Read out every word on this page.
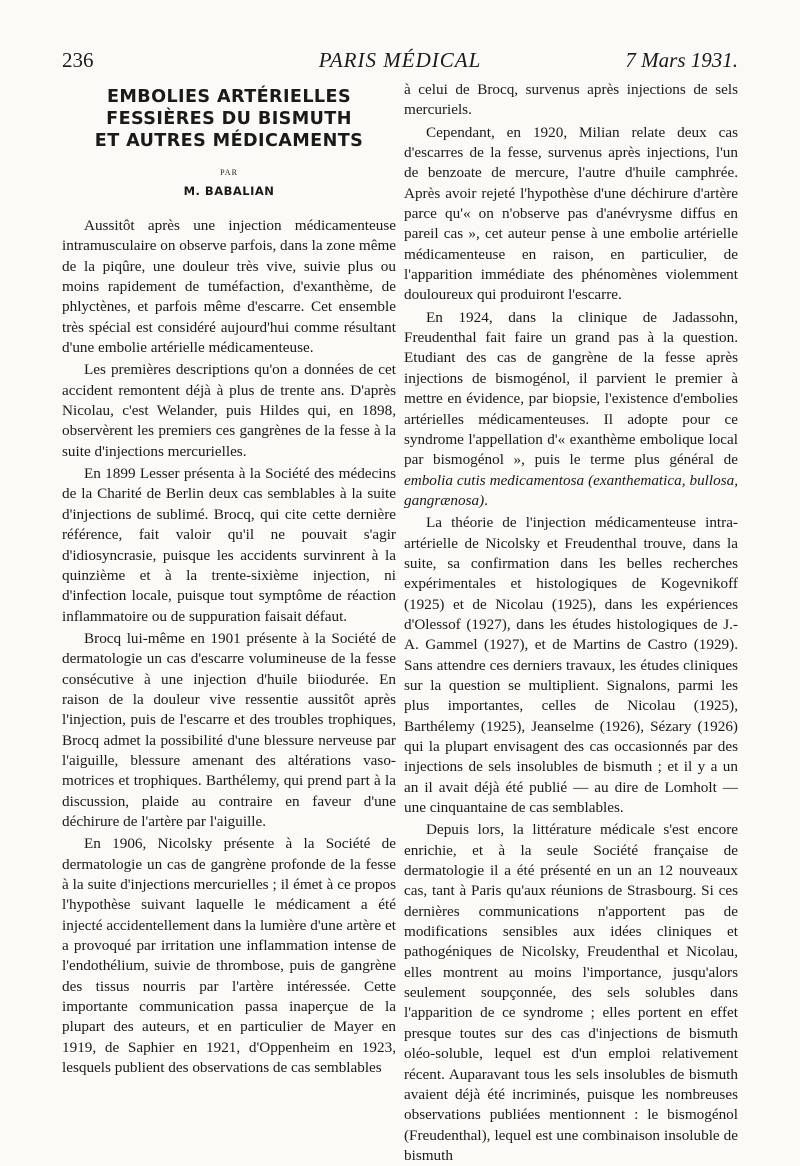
236	PARIS MÉDICAL	7 Mars 1931.
EMBOLIES ARTÉRIELLES
FESSIÈRES DU BISMUTH
ET AUTRES MÉDICAMENTS
PAR
M. BABALIAN

Aussitôt après une injection médicamenteuse intramusculaire on observe parfois, dans la zone même de la piqûre, une douleur très vive, suivie plus ou moins rapidement de tuméfaction, d'exanthème, de phlyctènes, et parfois même d'escarre. Cet ensemble très spécial est considéré aujourd'hui comme résultant d'une embolie artérielle médicamenteuse.

Les premières descriptions qu'on a données de cet accident remontent déjà à plus de trente ans. D'après Nicolau, c'est Welander, puis Hildes qui, en 1898, observèrent les premiers ces gangrènes de la fesse à la suite d'injections mercurielles.

En 1899 Lesser présenta à la Société des médecins de la Charité de Berlin deux cas semblables à la suite d'injections de sublimé. Brocq, qui cite cette dernière référence, fait valoir qu'il ne pouvait s'agir d'idiosyncrasie, puisque les accidents survinrent à la quinzième et à la trente-sixième injection, ni d'infection locale, puisque tout symptôme de réaction inflammatoire ou de suppuration faisait défaut.

Brocq lui-même en 1901 présente à la Société de dermatologie un cas d'escarre volumineuse de la fesse consécutive à une injection d'huile biiodurée. En raison de la douleur vive ressentie aussitôt après l'injection, puis de l'escarre et des troubles trophiques, Brocq admet la possibilité d'une blessure nerveuse par l'aiguille, blessure amenant des altérations vaso-motrices et trophiques. Barthélemy, qui prend part à la discussion, plaide au contraire en faveur d'une déchirure de l'artère par l'aiguille.

En 1906, Nicolsky présente à la Société de dermatologie un cas de gangrène profonde de la fesse à la suite d'injections mercurielles ; il émet à ce propos l'hypothèse suivant laquelle le médicament a été injecté accidentellement dans la lumière d'une artère et a provoqué par irritation une inflammation intense de l'endothélium, suivie de thrombose, puis de gangrène des tissus nourris par l'artère intéressée. Cette importante communication passa inaperçue de la plupart des auteurs, et en particulier de Mayer en 1919, de Saphier en 1921, d'Oppenheim en 1923, lesquels publient des observations de cas semblables

à celui de Brocq, survenus après injections de sels mercuriels.

Cependant, en 1920, Milian relate deux cas d'escarres de la fesse, survenus après injections, l'un de benzoate de mercure, l'autre d'huile camphrée. Après avoir rejeté l'hypothèse d'une déchirure d'artère parce qu'« on n'observe pas d'anévrysme diffus en pareil cas », cet auteur pense à une embolie artérielle médicamenteuse en raison, en particulier, de l'apparition immédiate des phénomènes violemment douloureux qui produiront l'escarre.

En 1924, dans la clinique de Jadassohn, Freudenthal fait faire un grand pas à la question. Etudiant des cas de gangrène de la fesse après injections de bismogénol, il parvient le premier à mettre en évidence, par biopsie, l'existence d'embolies artérielles médicamenteuses. Il adopte pour ce syndrome l'appellation d'« exanthème embolique local par bismogénol », puis le terme plus général de embolia cutis medicamentosa (exanthematica, bullosa, gangrænosa).

La théorie de l'injection médicamenteuse intra-artérielle de Nicolsky et Freudenthal trouve, dans la suite, sa confirmation dans les belles recherches expérimentales et histologiques de Kogevnikoff (1925) et de Nicolau (1925), dans les expériences d'Olessof (1927), dans les études histologiques de J.-A. Gammel (1927), et de Martins de Castro (1929). Sans attendre ces derniers travaux, les études cliniques sur la question se multiplient. Signalons, parmi les plus importantes, celles de Nicolau (1925), Barthélemy (1925), Jeanselme (1926), Sézary (1926) qui la plupart envisagent des cas occasionnés par des injections de sels insolubles de bismuth ; et il y a un an il avait déjà été publié — au dire de Lomholt — une cinquantaine de cas semblables.

Depuis lors, la littérature médicale s'est encore enrichie, et à la seule Société française de dermatologie il a été présenté en un an 12 nouveaux cas, tant à Paris qu'aux réunions de Strasbourg. Si ces dernières communications n'apportent pas de modifications sensibles aux idées cliniques et pathogéniques de Nicolsky, Freudenthal et Nicolau, elles montrent au moins l'importance, jusqu'alors seulement soupçonnée, des sels solubles dans l'apparition de ce syndrome ; elles portent en effet presque toutes sur des cas d'injections de bismuth oléo-soluble, lequel est d'un emploi relativement récent. Auparavant tous les sels insolubles de bismuth avaient déjà été incriminés, puisque les nombreuses observations publiées mentionnent : le bismogénol (Freudenthal), lequel est une combinaison insoluble de bismuth
